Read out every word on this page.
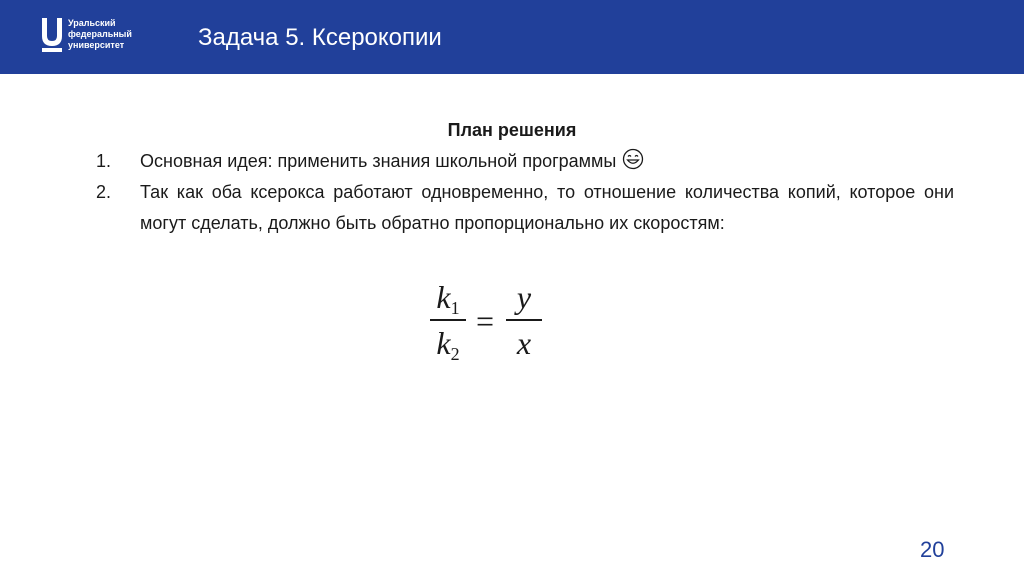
Уральский
федеральный
университет	Задача 5. Ксерокопии
План решения
1. Основная идея: применить знания школьной программы
2. Так как оба ксерокса работают одновременно, то отношение количества копий, которое они могут сделать, должно быть обратно пропорционально их скоростям:
$k_1$
$k_2$
=
y
x
20
